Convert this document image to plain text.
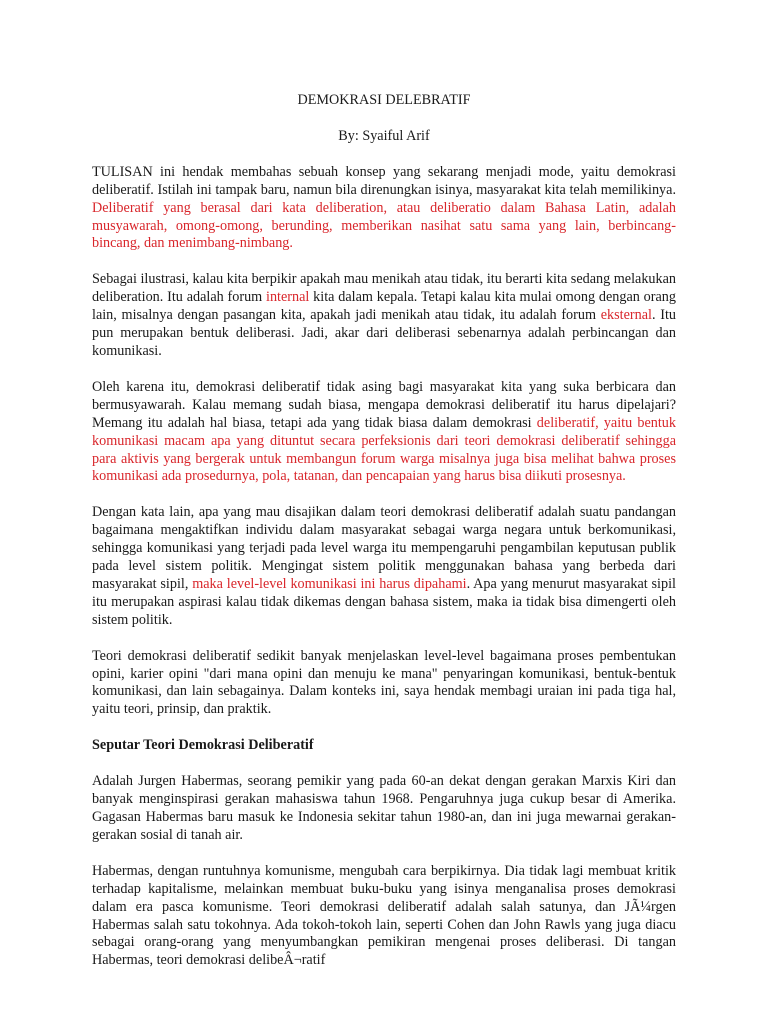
DEMOKRASI DELEBRATIF

By: Syaiful Arif

TULISAN ini hendak membahas sebuah konsep yang sekarang menjadi mode, yaitu demokrasi deliberatif. Istilah ini tampak baru, namun bila direnungkan isinya, masyarakat kita telah memilikinya. Deliberatif yang berasal dari kata deliberation, atau deliberatio dalam Bahasa Latin, adalah musyawarah, omong-omong, berunding, memberikan nasihat satu sama yang lain, berbincang-bincang, dan menimbang-nimbang.

Sebagai ilustrasi, kalau kita berpikir apakah mau menikah atau tidak, itu berarti kita sedang melakukan deliberation. Itu adalah forum internal kita dalam kepala. Tetapi kalau kita mulai omong dengan orang lain, misalnya dengan pasangan kita, apakah jadi menikah atau tidak, itu adalah forum eksternal. Itu pun merupakan bentuk deliberasi. Jadi, akar dari deliberasi sebenarnya adalah perbincangan dan komunikasi.

Oleh karena itu, demokrasi deliberatif tidak asing bagi masyarakat kita yang suka berbicara dan bermusyawarah. Kalau memang sudah biasa, mengapa demokrasi deliberatif itu harus dipelajari? Memang itu adalah hal biasa, tetapi ada yang tidak biasa dalam demokrasi deliberatif, yaitu bentuk komunikasi macam apa yang dituntut secara perfeksionis dari teori demokrasi deliberatif sehingga para aktivis yang bergerak untuk membangun forum warga misalnya juga bisa melihat bahwa proses komunikasi ada prosedurnya, pola, tatanan, dan pencapaian yang harus bisa diikuti prosesnya.

Dengan kata lain, apa yang mau disajikan dalam teori demokrasi deliberatif adalah suatu pandangan bagaimana mengaktifkan individu dalam masyarakat sebagai warga negara untuk berkomunikasi, sehingga komunikasi yang terjadi pada level warga itu mempengaruhi pengambilan keputusan publik pada level sistem politik. Mengingat sistem politik menggunakan bahasa yang berbeda dari masyarakat sipil, maka level-level komunikasi ini harus dipahami. Apa yang menurut masyarakat sipil itu merupakan aspirasi kalau tidak dikemas dengan bahasa sistem, maka ia tidak bisa dimengerti oleh sistem politik.

Teori demokrasi deliberatif sedikit banyak menjelaskan level-level bagaimana proses pembentukan opini, karier opini "dari mana opini dan menuju ke mana" penyaringan komunikasi, bentuk-bentuk komunikasi, dan lain sebagainya. Dalam konteks ini, saya hendak membagi uraian ini pada tiga hal, yaitu teori, prinsip, dan praktik.

Seputar Teori Demokrasi Deliberatif

Adalah Jurgen Habermas, seorang pemikir yang pada 60-an dekat dengan gerakan Marxis Kiri dan banyak menginspirasi gerakan mahasiswa tahun 1968. Pengaruhnya juga cukup besar di Amerika. Gagasan Habermas baru masuk ke Indonesia sekitar tahun 1980-an, dan ini juga mewarnai gerakan-gerakan sosial di tanah air.

Habermas, dengan runtuhnya komunisme, mengubah cara berpikirnya. Dia tidak lagi membuat kritik terhadap kapitalisme, melainkan membuat buku-buku yang isinya menganalisa proses demokrasi dalam era pasca komunisme. Teori demokrasi deliberatif adalah salah satunya, dan JÃ¼rgen Habermas salah satu tokohnya. Ada tokoh-tokoh lain, seperti Cohen dan John Rawls yang juga diacu sebagai orang-orang yang menyumbangkan pemikiran mengenai proses deliberasi. Di tangan Habermas, teori demokrasi delibeÂ¬ratif
